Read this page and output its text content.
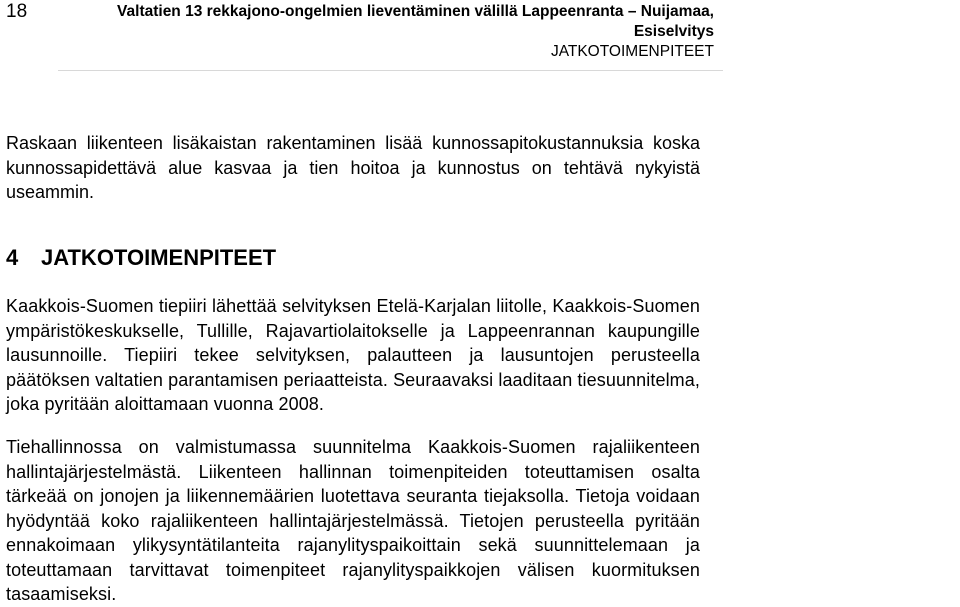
18	Valtatien 13 rekkajono-ongelmien lieventäminen välillä Lappeenranta – Nuijamaa,
Esiselvitys
JATKOTOIMENPITEET

Raskaan liikenteen lisäkaistan rakentaminen lisää kunnossapitokustannuksia koska kunnossapidettävä alue kasvaa ja tien hoitoa ja kunnostus on tehtävä nykyistä useammin.

4 JATKOTOIMENPITEET

Kaakkois-Suomen tiepiiri lähettää selvityksen Etelä-Karjalan liitolle, Kaakkois-Suomen ympäristökeskukselle, Tullille, Rajavartiolaitokselle ja Lappeenrannan kaupungille lausunnoille. Tiepiiri tekee selvityksen, palautteen ja lausuntojen perusteella päätöksen valtatien parantamisen periaatteista. Seuraavaksi laaditaan tiesuunnitelma, joka pyritään aloittamaan vuonna 2008.

Tiehallinnossa on valmistumassa suunnitelma Kaakkois-Suomen rajaliikenteen hallintajärjestelmästä. Liikenteen hallinnan toimenpiteiden toteuttamisen osalta tärkeää on jonojen ja liikennemäärien luotettava seuranta tiejaksolla. Tietoja voidaan hyödyntää koko rajaliikenteen hallintajärjestelmässä. Tietojen perusteella pyritään ennakoimaan ylikysyntätilanteita rajanylityspaikoittain sekä suunnittelemaan ja toteuttamaan tarvittavat toimenpiteet rajanylityspaikkojen välisen kuormituksen tasaamiseksi.
